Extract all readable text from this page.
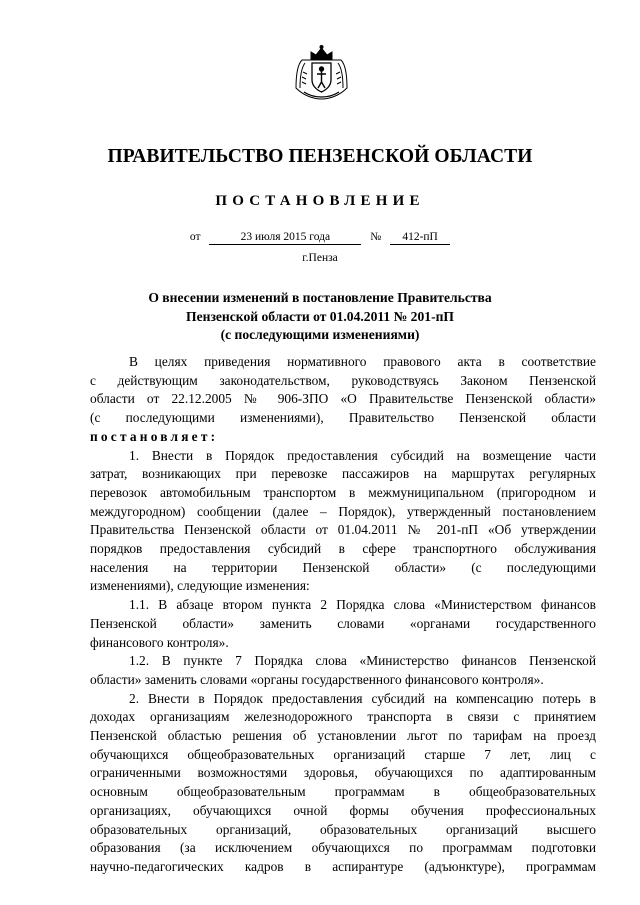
ПРАВИТЕЛЬСТВО ПЕНЗЕНСКОЙ ОБЛАСТИ
ПОСТАНОВЛЕНИЕ
от	23 июля 2015 года	№ 412-пП
г.Пенза
О внесении изменений в постановление Правительства
Пензенской области от 01.04.2011 № 201-пП
(с последующими изменениями)
В целях приведения нормативного правового акта в соответствие
с действующим законодательством, руководствуясь Законом Пензенской
области от 22.12.2005 № 906-ЗПО «О Правительстве Пензенской области»
(с последующими изменениями), Правительство Пензенской области
постановляет:
1. Внести в Порядок предоставления субсидий на возмещение части
затрат, возникающих при перевозке пассажиров на маршрутах регулярных
перевозок автомобильным транспортом в межмуниципальном (пригородном и
междугородном) сообщении (далее – Порядок), утвержденный постановлением
Правительства Пензенской области от 01.04.2011 № 201-пП «Об утверждении
порядков предоставления субсидий в сфере транспортного обслуживания
населения на территории Пензенской области» (с последующими
изменениями), следующие изменения:
1.1. В абзаце втором пункта 2 Порядка слова «Министерством финансов
Пензенской области» заменить словами «органами государственного
финансового контроля».
1.2. В пункте 7 Порядка слова «Министерство финансов Пензенской
области» заменить словами «органы государственного финансового контроля».
2. Внести в Порядок предоставления субсидий на компенсацию потерь в
доходах организациям железнодорожного транспорта в связи с принятием
Пензенской областью решения об установлении льгот по тарифам на проезд
обучающихся общеобразовательных организаций старше 7 лет, лиц с
ограниченными возможностями здоровья, обучающихся по адаптированным
основным общеобразовательным программам в общеобразовательных
организациях, обучающихся очной формы обучения профессиональных
образовательных организаций, образовательных организаций высшего
образования (за исключением обучающихся по программам подготовки
научно-педагогических кадров в аспирантуре (адъюнктуре), программам
